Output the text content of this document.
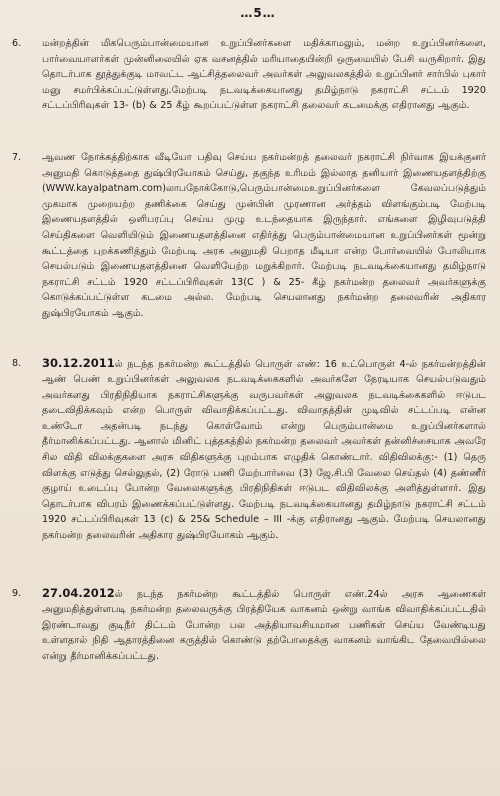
…5…
6.	மன்றத்தின் மிகபெரும்பான்மையான உறுப்பினர்களை மதிக்காமலும், மன்ற உறுப்பினர்களை, பார்வையாளர்கள் முன்னிலையில் ஏக வசனத்தில் மரியாதையின்றி ஒருமையில் பேசி வருகிறார். இது தொடர்பாக தூத்துக்குடி மாவட்ட ஆட்சித்தலைவர் அவர்கள் அலுவலகத்தில் உறுப்பினர் சார்பில் புகார் மனு சமர்பிக்கப்பட்டுள்ளது.மேற்படி நடவடிக்கையானது தமிழ்நாடு நகராட்சி சட்டம் 1920 சட்டப்பிரிவுகள் 13- (b) & 25 கீழ் கூறப்பட்டுள்ள நகராட்சி தலைவர் கடமைக்கு எதிரானது ஆகும்.
7.	ஆவண நோக்கத்திற்காக வீடியோ பதிவு செய்ய நகர்மன்றத் தலைவர் நகராட்சி நிர்வாக இயக்குனர் அனுமதி கொடுத்ததை துஷ்பிரயோகம் செய்து, தகுந்த உரிமம் இல்லாத தனியார் இணையதளத்திற்கு (WWW.kayalpatnam.com)லாபநோக்கோடு,பெரும்பான்மைஉறுப்பினர்களை கேவலப்படுத்தும் முகமாக முறையற்ற தணிக்கை செய்து முன்பின் முரணான அர்த்தம் விளங்கும்படி மேற்படி இணையதளத்தில் ஒளிபரப்பு செய்ய முழு உடந்தையாக இருந்தார். எங்களை இழிவுபடுத்தி செய்திகளை வெளியிடும் இணையதளத்தினை எதிர்த்து பெரும்பான்மையான உறுப்பினர்கள் மூன்று கூட்டத்தை புறக்கணித்தும் மேற்படி அரசு அனுமதி பெறாத மீடியா என்ற போர்வையில் போலியாக செயல்படும் இணையதளத்தினை வெளியேற்ற மறுக்கிறார். மேற்படி நடவடிக்கையானது தமிழ்நாடு நகராட்சி சட்டம் 1920 சட்டப்பிரிவுகள் 13(C ) & 25- கீழ் நகர்மன்ற தலைவர் அவர்களுக்கு கொடுக்கப்பட்டுள்ள கடமை அல்ல. மேற்படி செயலானது நகர்மன்ற தலைவரின் அதிகார துஷ்பிரயோகம் ஆகும்.
8.	30.12.2011ல் நடந்த நகர்மன்ற கூட்டத்தில் பொருள் எண்: 16 உட்பொருள் 4-ல் நகர்மன்றத்தின் ஆண் பெண் உறுப்பினர்கள் அலுவலக நடவடிக்கைகளில் அவர்களே நேரடியாக செயல்படுவதும் அவர்களது பிரதிநிதியாக நகராட்சிகளுக்கு வருபவர்கள் அலுவலக நடவடிக்கைகளில் ஈடுபட தடைவிதிக்கவும் என்ற பொருள் விவாதிக்கப்பட்டது. விவாதத்தின் முடிவில் சட்டப்படி என்ன உண்டோ அதன்படி நடந்து கொள்வோம் என்று பெரும்பான்மை உறுப்பினர்களால் தீர்மானிக்கப்பட்டது. ஆனால் மினிட் புத்தகத்தில் நகர்மன்ற தலைவர் அவர்கள் தன்னிச்சையாக அவரே சில விதி விலக்குகளை அரசு விதிகளுக்கு புறம்பாக எழுதிக் கொண்டார். விதிவிலக்கு:- (1) தெரு விளக்கு எடுத்து செல்லுதல், (2) ரோடு பணி மேற்பார்வை (3) ஜே.சி.பி வேலை செய்தல் (4) தண்ணீர் குழாய் உடைப்பு போன்ற வேலைகளுக்கு பிரதிநிதிகள் ஈடுபட விதிவிலக்கு அளித்துள்ளார். இது தொடர்பாக விபரம் இணைக்கப்பட்டுள்ளது. மேற்படி நடவடிக்கையானது தமிழ்நாடு நகராட்சி சட்டம் 1920 சட்டப்பிரிவுகள் 13 (c) & 25& Schedule – III -க்கு எதிரானது ஆகும். மேற்படி செயலானது நகர்மன்ற தலைவரின் அதிகார துஷ்பிரயோகம் ஆகும்.
9.	27.04.2012ல் நடந்த நகர்மன்ற கூட்டத்தில் பொருள் எண்.24ல் அரசு ஆணைகள் அனுமதித்துள்ளபடி நகர்மன்ற தலைவருக்கு பிரத்தியேக வாகனம் ஒன்று வாங்க விவாதிக்கப்பட்டதில் இரண்டாவது குடிநீர் திட்டம் போன்ற பல அத்தியாவசியமான பணிகள் செய்ய வேண்டியது உள்ளதால் நிதி ஆதாரத்தினை கருத்தில் கொண்டு தற்போதைக்கு வாகனம் வாங்கிட தேவையில்லை என்று தீர்மானிக்கப்பட்டது.
